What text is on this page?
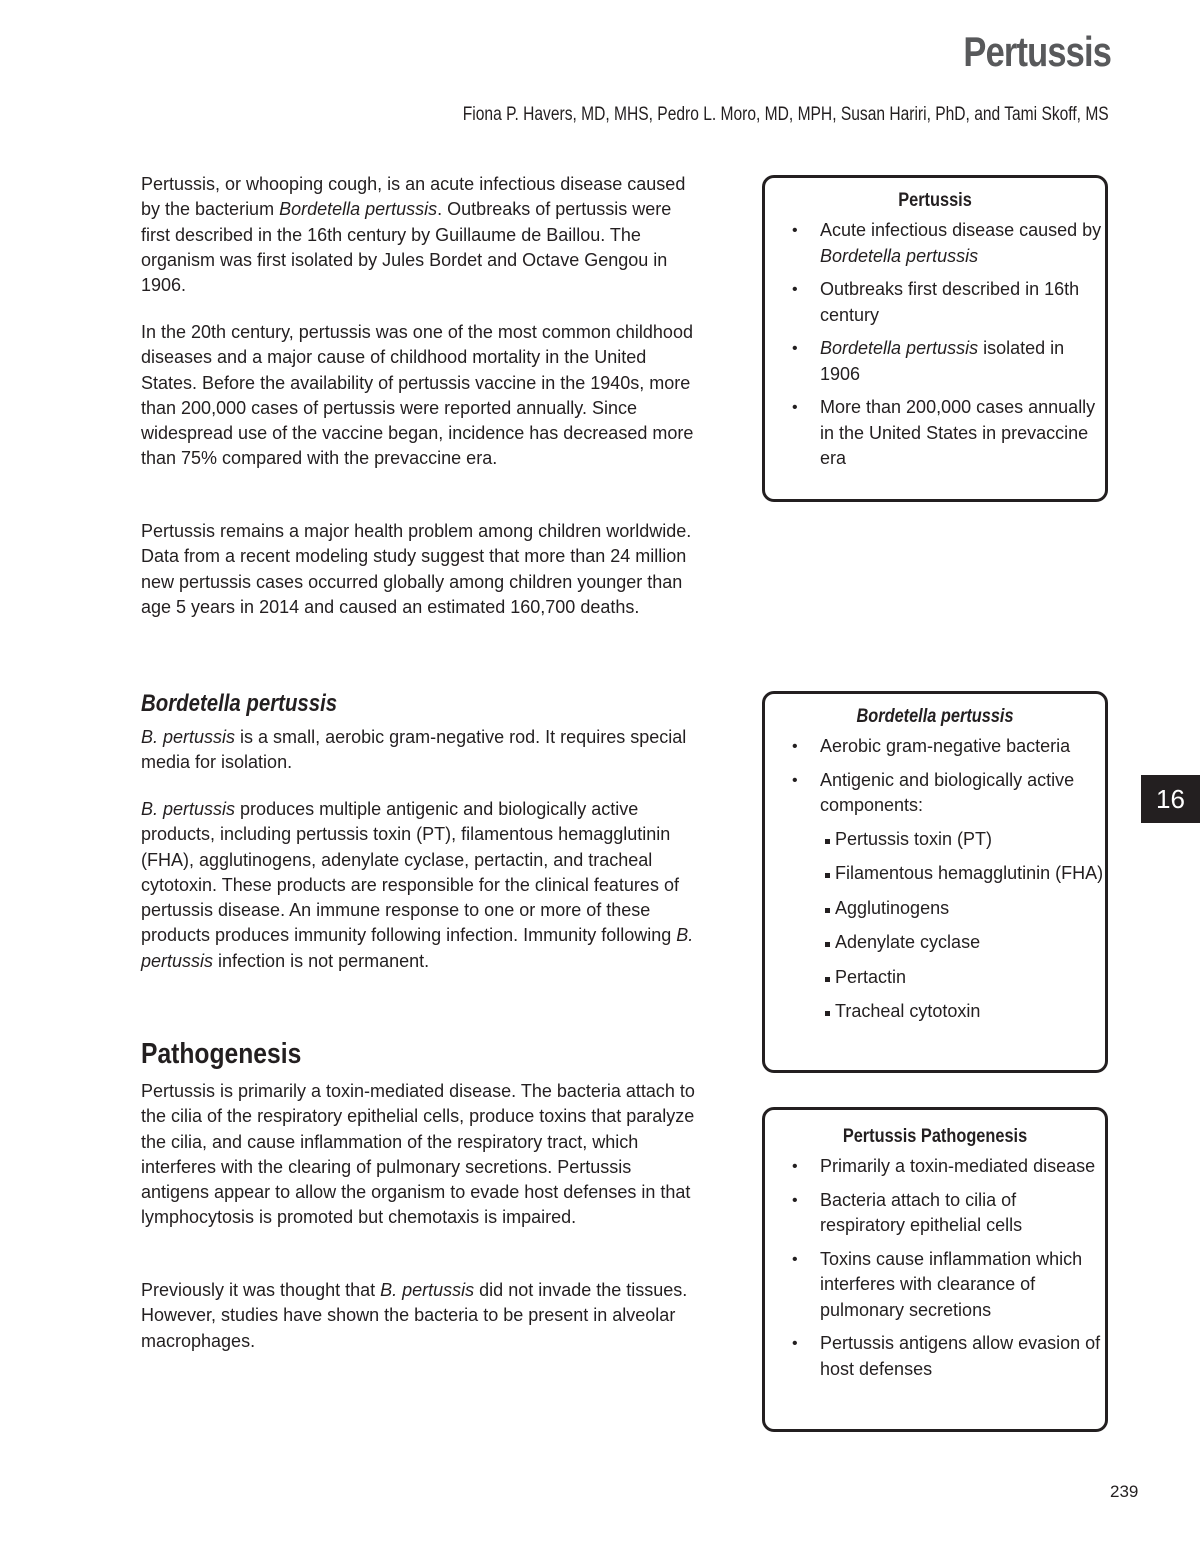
Pertussis
Fiona P. Havers, MD, MHS, Pedro L. Moro, MD, MPH, Susan Hariri, PhD, and Tami Skoff, MS

Pertussis, or whooping cough, is an acute infectious disease caused by the bacterium Bordetella pertussis. Outbreaks of pertussis were first described in the 16th century by Guillaume de Baillou. The organism was first isolated by Jules Bordet and Octave Gengou in 1906.

In the 20th century, pertussis was one of the most common childhood diseases and a major cause of childhood mortality in the United States. Before the availability of pertussis vaccine in the 1940s, more than 200,000 cases of pertussis were reported annually. Since widespread use of the vaccine began, incidence has decreased more than 75% compared with the prevaccine era.

Pertussis remains a major health problem among children worldwide. Data from a recent modeling study suggest that more than 24 million new pertussis cases occurred globally among children younger than age 5 years in 2014 and caused an estimated 160,700 deaths.

Bordetella pertussis

B. pertussis is a small, aerobic gram-negative rod. It requires special media for isolation.

B. pertussis produces multiple antigenic and biologically active products, including pertussis toxin (PT), filamentous hemagglutinin (FHA), agglutinogens, adenylate cyclase, pertactin, and tracheal cytotoxin. These products are responsible for the clinical features of pertussis disease. An immune response to one or more of these products produces immunity following infection. Immunity following B. pertussis infection is not permanent.

Pathogenesis

Pertussis is primarily a toxin-mediated disease. The bacteria attach to the cilia of the respiratory epithelial cells, produce toxins that paralyze the cilia, and cause inflammation of the respiratory tract, which interferes with the clearing of pulmonary secretions. Pertussis antigens appear to allow the organism to evade host defenses in that lymphocytosis is promoted but chemotaxis is impaired.

Previously it was thought that B. pertussis did not invade the tissues. However, studies have shown the bacteria to be present in alveolar macrophages.

Pertussis
• Acute infectious disease caused by Bordetella pertussis
• Outbreaks first described in 16th century
• Bordetella pertussis isolated in 1906
• More than 200,000 cases annually in the United States in prevaccine era
Bordetella pertussis
• Aerobic gram-negative bacteria
• Antigenic and biologically active components:
Pertussis toxin (PT)
Filamentous hemagglutinin (FHA)
Agglutinogens
Adenylate cyclase
Pertactin
Tracheal cytotoxin
Pertussis Pathogenesis
• Primarily a toxin-mediated disease
• Bacteria attach to cilia of respiratory epithelial cells
• Toxins cause inflammation which interferes with clearance of pulmonary secretions
• Pertussis antigens allow evasion of host defenses
16
239
